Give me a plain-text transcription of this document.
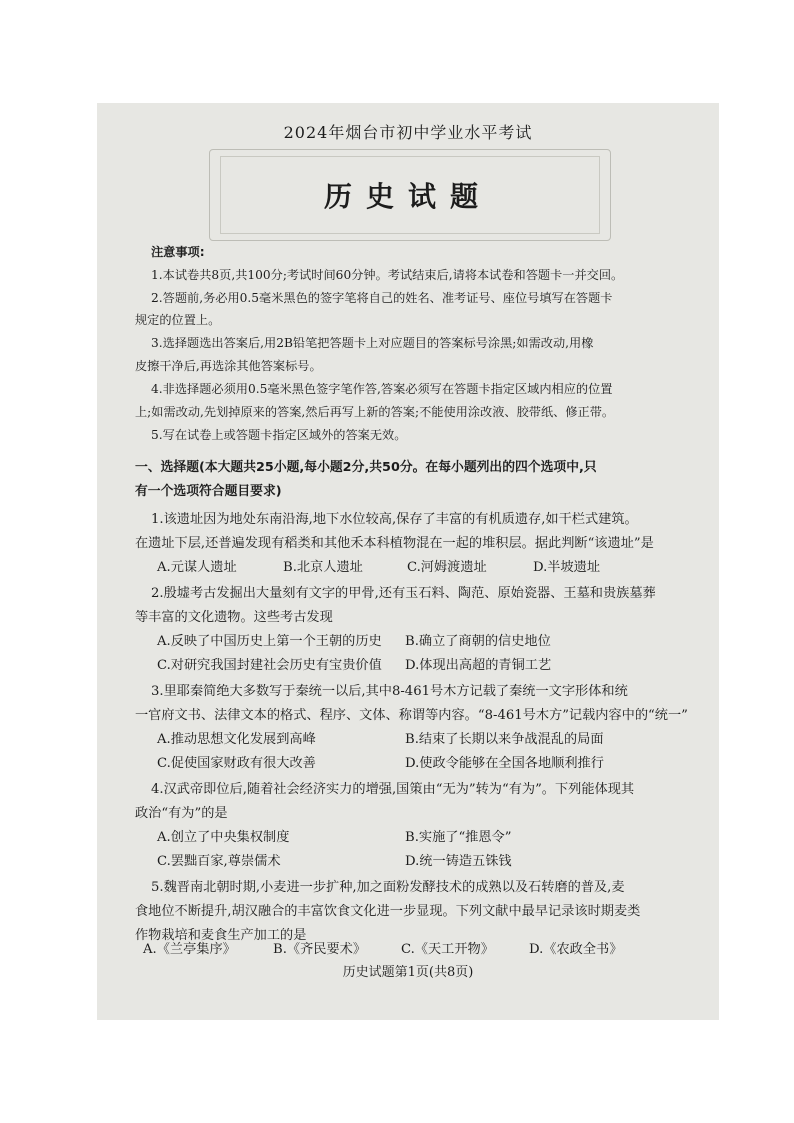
2024年烟台市初中学业水平考试
历史试题
注意事项:
1.本试卷共8页,共100分;考试时间60分钟。考试结束后,请将本试卷和答题卡一并交回。
2.答题前,务必用0.5毫米黑色的签字笔将自己的姓名、准考证号、座位号填写在答题卡
规定的位置上。
3.选择题选出答案后,用2B铅笔把答题卡上对应题目的答案标号涂黑;如需改动,用橡
皮擦干净后,再选涂其他答案标号。
4.非选择题必须用0.5毫米黑色签字笔作答,答案必须写在答题卡指定区域内相应的位置
上;如需改动,先划掉原来的答案,然后再写上新的答案;不能使用涂改液、胶带纸、修正带。
5.写在试卷上或答题卡指定区域外的答案无效。
一、选择题(本大题共25小题,每小题2分,共50分。在每小题列出的四个选项中,只
有一个选项符合题目要求)
1.该遗址因为地处东南沿海,地下水位较高,保存了丰富的有机质遗存,如干栏式建筑。
在遗址下层,还普遍发现有稻类和其他禾本科植物混在一起的堆积层。据此判断“该遗址”是
A.元谋人遗址	B.北京人遗址	C.河姆渡遗址	D.半坡遗址
2.殷墟考古发掘出大量刻有文字的甲骨,还有玉石料、陶范、原始瓷器、王墓和贵族墓葬
等丰富的文化遗物。这些考古发现
A.反映了中国历史上第一个王朝的历史 B.确立了商朝的信史地位
C.对研究我国封建社会历史有宝贵价值 D.体现出高超的青铜工艺
3.里耶秦简绝大多数写于秦统一以后,其中8-461号木方记载了秦统一文字形体和统
一官府文书、法律文本的格式、程序、文体、称谓等内容。“8-461号木方”记载内容中的“统一”
A.推动思想文化发展到高峰	B.结束了长期以来争战混乱的局面
C.促使国家财政有很大改善	D.使政令能够在全国各地顺利推行
4.汉武帝即位后,随着社会经济实力的增强,国策由“无为”转为“有为”。下列能体现其
政治“有为”的是
A.创立了中央集权制度	B.实施了“推恩令”
C.罢黜百家,尊崇儒术	D.统一铸造五铢钱
5.魏晋南北朝时期,小麦进一步扩种,加之面粉发酵技术的成熟以及石转磨的普及,麦
食地位不断提升,胡汉融合的丰富饮食文化进一步显现。下列文献中最早记录该时期麦类
作物栽培和麦食生产加工的是
A.《兰亭集序》	B.《齐民要术》	C.《天工开物》	D.《农政全书》
历史试题第1页(共8页)
